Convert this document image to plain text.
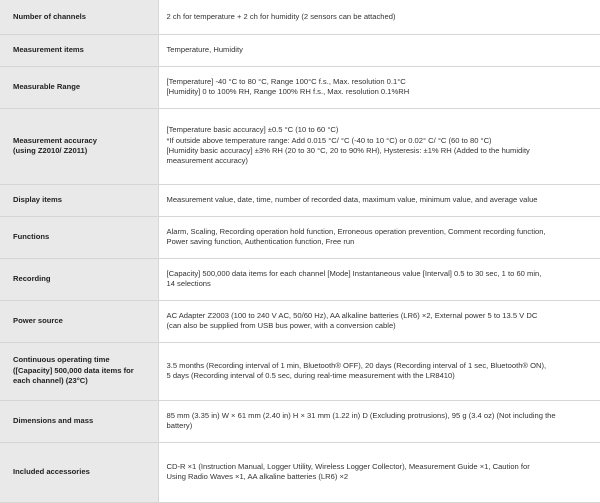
Number of channels	2 ch for temperature + 2 ch for humidity (2 sensors can be attached)

Measurement items	Temperature, Humidity

Measurable Range	[Temperature] -40 °C to 80 °C, Range 100°C f.s., Max. resolution 0.1°C
[Humidity] 0 to 100% RH, Range 100% RH f.s., Max. resolution 0.1%RH

Measurement accuracy
(using Z2010/ Z2011)	[Temperature basic accuracy] ±0.5 °C (10 to 60 °C)
*If outside above temperature range: Add 0.015 °C/ °C (-40 to 10 °C) or 0.02° C/ °C (60 to 80 °C)
[Humidity basic accuracy] ±3% RH (20 to 30 °C, 20 to 90% RH), Hysteresis: ±1% RH (Added to the humidity
measurement accuracy)

Display items	Measurement value, date, time, number of recorded data, maximum value, minimum value, and average value

Functions	Alarm, Scaling, Recording operation hold function, Erroneous operation prevention, Comment recording function,
Power saving function, Authentication function, Free run

Recording	[Capacity] 500,000 data items for each channel [Mode] Instantaneous value [Interval] 0.5 to 30 sec, 1 to 60 min,
14 selections

Power source	AC Adapter Z2003 (100 to 240 V AC, 50/60 Hz), AA alkaline batteries (LR6) ×2, External power 5 to 13.5 V DC
(can also be supplied from USB bus power, with a conversion cable)

Continuous operating time
([Capacity] 500,000 data items for
each channel) (23°C)	3.5 months (Recording interval of 1 min, Bluetooth® OFF), 20 days (Recording interval of 1 sec, Bluetooth® ON),
5 days (Recording interval of 0.5 sec, during real-time measurement with the LR8410)

Dimensions and mass	85 mm (3.35 in) W × 61 mm (2.40 in) H × 31 mm (1.22 in) D (Excluding protrusions), 95 g (3.4 oz) (Not including the
battery)

Included accessories	CD-R ×1 (Instruction Manual, Logger Utility, Wireless Logger Collector), Measurement Guide ×1, Caution for
Using Radio Waves ×1, AA alkaline batteries (LR6) ×2
